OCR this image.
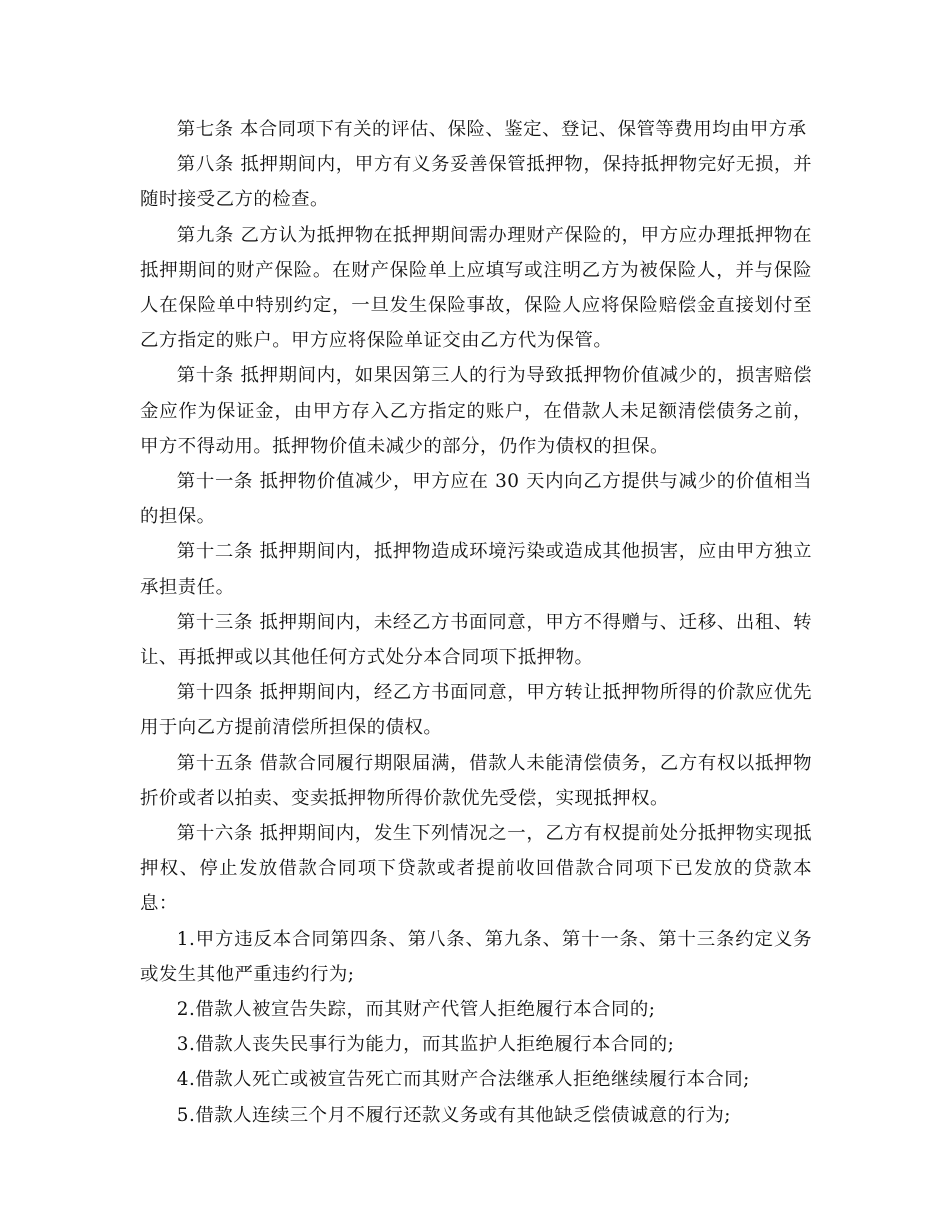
第七条 本合同项下有关的评估、保险、鉴定、登记、保管等费用均由甲方承

第八条 抵押期间内，甲方有义务妥善保管抵押物，保持抵押物完好无损，并随时接受乙方的检查。

第九条 乙方认为抵押物在抵押期间需办理财产保险的，甲方应办理抵押物在抵押期间的财产保险。在财产保险单上应填写或注明乙方为被保险人，并与保险人在保险单中特别约定，一旦发生保险事故，保险人应将保险赔偿金直接划付至乙方指定的账户。甲方应将保险单证交由乙方代为保管。

第十条 抵押期间内，如果因第三人的行为导致抵押物价值减少的，损害赔偿金应作为保证金，由甲方存入乙方指定的账户，在借款人未足额清偿债务之前，甲方不得动用。抵押物价值未减少的部分，仍作为债权的担保。

第十一条 抵押物价值减少，甲方应在 30 天内向乙方提供与减少的价值相当的担保。

第十二条 抵押期间内，抵押物造成环境污染或造成其他损害，应由甲方独立承担责任。

第十三条 抵押期间内，未经乙方书面同意，甲方不得赠与、迁移、出租、转让、再抵押或以其他任何方式处分本合同项下抵押物。

第十四条 抵押期间内，经乙方书面同意，甲方转让抵押物所得的价款应优先用于向乙方提前清偿所担保的债权。

第十五条 借款合同履行期限届满，借款人未能清偿债务，乙方有权以抵押物折价或者以拍卖、变卖抵押物所得价款优先受偿，实现抵押权。

第十六条 抵押期间内，发生下列情况之一，乙方有权提前处分抵押物实现抵押权、停止发放借款合同项下贷款或者提前收回借款合同项下已发放的贷款本息：

1.甲方违反本合同第四条、第八条、第九条、第十一条、第十三条约定义务或发生其他严重违约行为;

2.借款人被宣告失踪，而其财产代管人拒绝履行本合同的;

3.借款人丧失民事行为能力，而其监护人拒绝履行本合同的;

4.借款人死亡或被宣告死亡而其财产合法继承人拒绝继续履行本合同;

5.借款人连续三个月不履行还款义务或有其他缺乏偿债诚意的行为;
